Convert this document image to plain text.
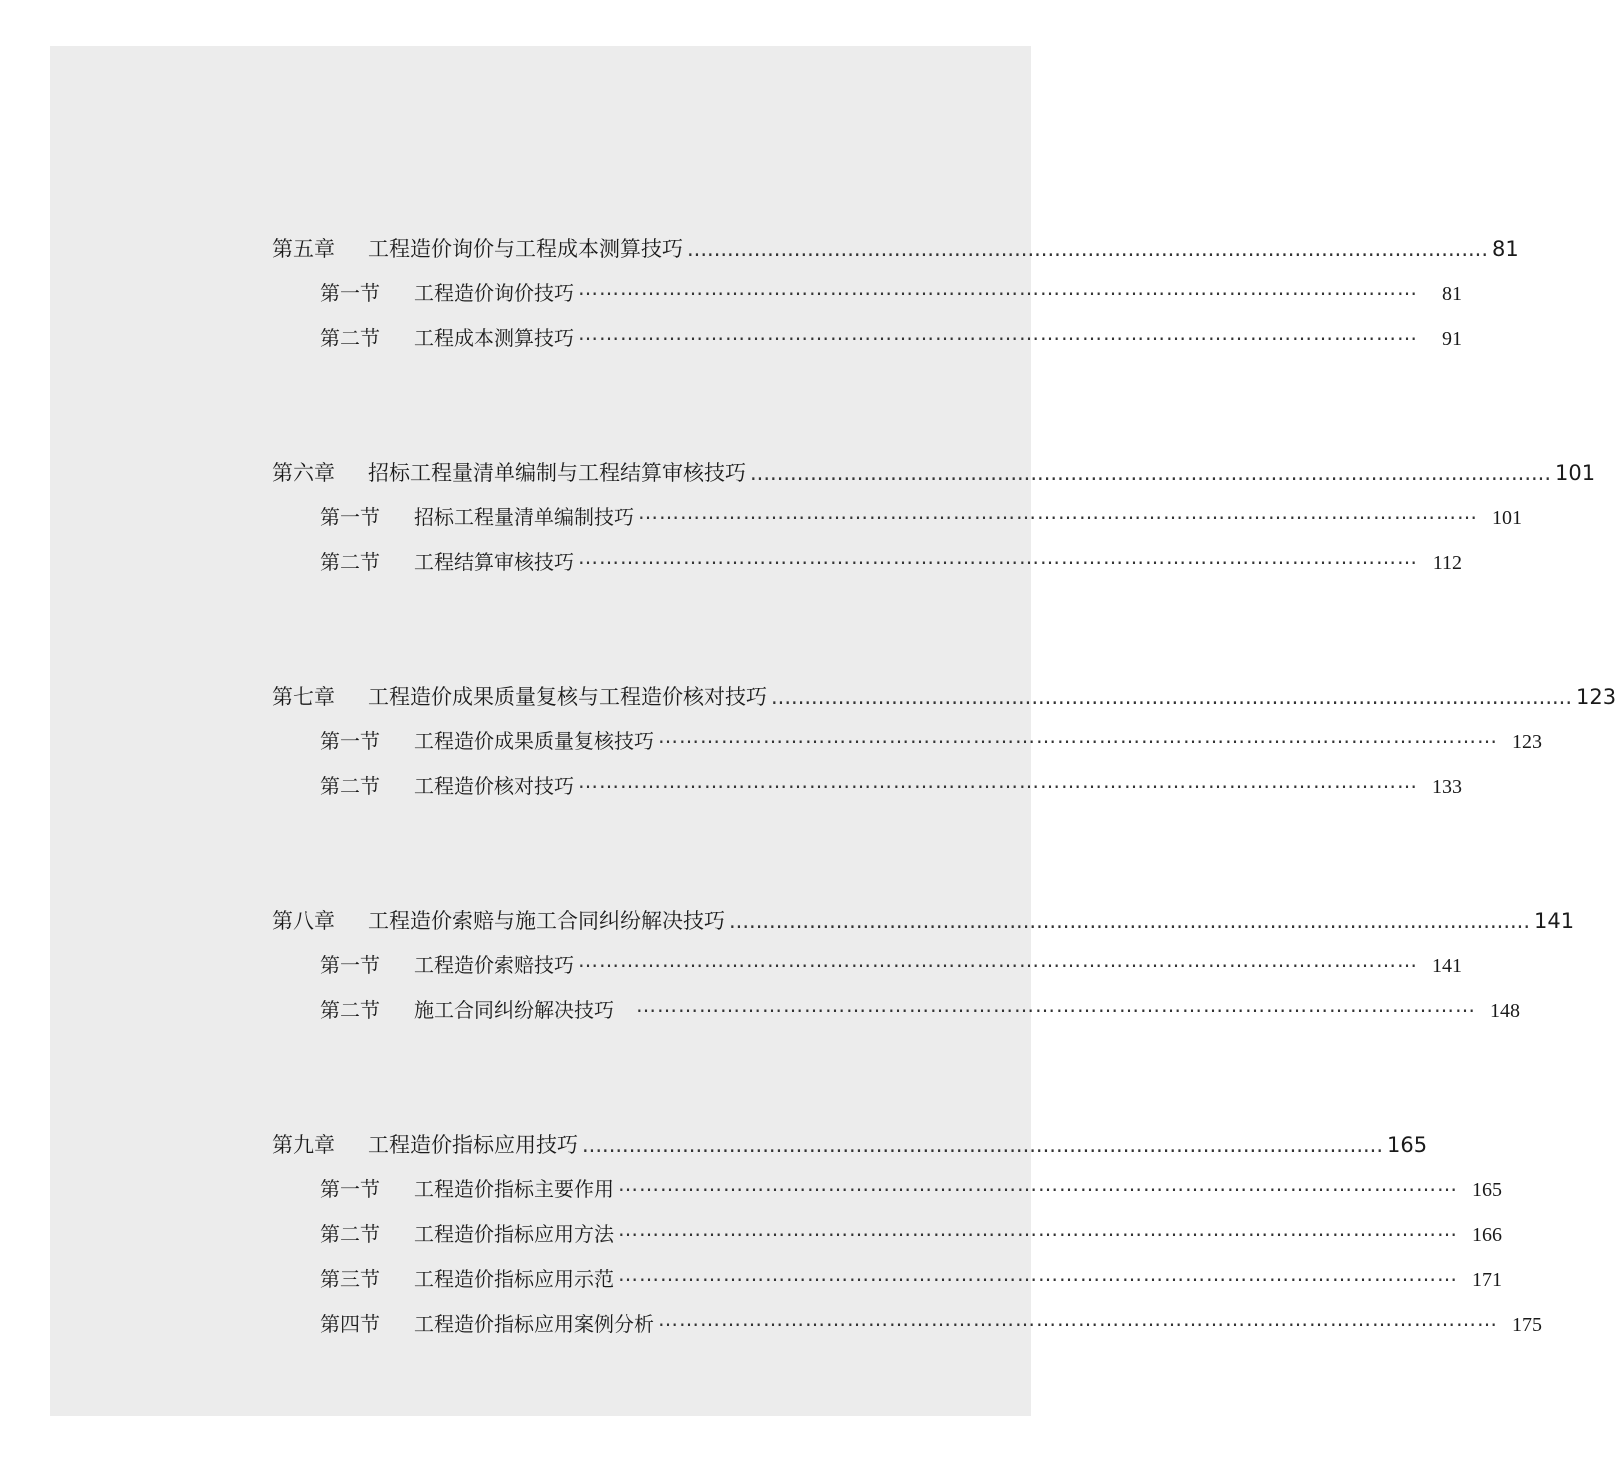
第五章	工程造价询价与工程成本测算技巧 ........................................................................................................................ 81
第一节	工程造价询价技巧 ⋯⋯⋯⋯⋯⋯⋯⋯⋯⋯⋯⋯⋯⋯⋯⋯⋯⋯⋯⋯⋯⋯⋯⋯⋯⋯⋯⋯⋯⋯⋯⋯⋯⋯⋯⋯⋯⋯⋯⋯	81
第二节	工程成本测算技巧 ⋯⋯⋯⋯⋯⋯⋯⋯⋯⋯⋯⋯⋯⋯⋯⋯⋯⋯⋯⋯⋯⋯⋯⋯⋯⋯⋯⋯⋯⋯⋯⋯⋯⋯⋯⋯⋯⋯⋯⋯	91
第六章	招标工程量清单编制与工程结算审核技巧 ........................................................................................................................ 101
第一节	招标工程量清单编制技巧 ⋯⋯⋯⋯⋯⋯⋯⋯⋯⋯⋯⋯⋯⋯⋯⋯⋯⋯⋯⋯⋯⋯⋯⋯⋯⋯⋯⋯⋯⋯⋯⋯⋯⋯⋯⋯⋯⋯⋯⋯ 101
第二节	工程结算审核技巧 ⋯⋯⋯⋯⋯⋯⋯⋯⋯⋯⋯⋯⋯⋯⋯⋯⋯⋯⋯⋯⋯⋯⋯⋯⋯⋯⋯⋯⋯⋯⋯⋯⋯⋯⋯⋯⋯⋯⋯⋯ 112
第七章	工程造价成果质量复核与工程造价核对技巧 ........................................................................................................................ 123
第一节	工程造价成果质量复核技巧 ⋯⋯⋯⋯⋯⋯⋯⋯⋯⋯⋯⋯⋯⋯⋯⋯⋯⋯⋯⋯⋯⋯⋯⋯⋯⋯⋯⋯⋯⋯⋯⋯⋯⋯⋯⋯⋯⋯⋯⋯ 123
第二节	工程造价核对技巧 ⋯⋯⋯⋯⋯⋯⋯⋯⋯⋯⋯⋯⋯⋯⋯⋯⋯⋯⋯⋯⋯⋯⋯⋯⋯⋯⋯⋯⋯⋯⋯⋯⋯⋯⋯⋯⋯⋯⋯⋯ 133
第八章	工程造价索赔与施工合同纠纷解决技巧 ........................................................................................................................ 141
第一节	工程造价索赔技巧 ⋯⋯⋯⋯⋯⋯⋯⋯⋯⋯⋯⋯⋯⋯⋯⋯⋯⋯⋯⋯⋯⋯⋯⋯⋯⋯⋯⋯⋯⋯⋯⋯⋯⋯⋯⋯⋯⋯⋯⋯ 141
第二节	施工合同纠纷解决技巧 ⋯⋯⋯⋯⋯⋯⋯⋯⋯⋯⋯⋯⋯⋯⋯⋯⋯⋯⋯⋯⋯⋯⋯⋯⋯⋯⋯⋯⋯⋯⋯⋯⋯⋯⋯⋯⋯⋯⋯⋯ 148
第九章	工程造价指标应用技巧 ........................................................................................................................ 165
第一节	工程造价指标主要作用 ⋯⋯⋯⋯⋯⋯⋯⋯⋯⋯⋯⋯⋯⋯⋯⋯⋯⋯⋯⋯⋯⋯⋯⋯⋯⋯⋯⋯⋯⋯⋯⋯⋯⋯⋯⋯⋯⋯⋯⋯ 165
第二节	工程造价指标应用方法 ⋯⋯⋯⋯⋯⋯⋯⋯⋯⋯⋯⋯⋯⋯⋯⋯⋯⋯⋯⋯⋯⋯⋯⋯⋯⋯⋯⋯⋯⋯⋯⋯⋯⋯⋯⋯⋯⋯⋯⋯ 166
第三节	工程造价指标应用示范 ⋯⋯⋯⋯⋯⋯⋯⋯⋯⋯⋯⋯⋯⋯⋯⋯⋯⋯⋯⋯⋯⋯⋯⋯⋯⋯⋯⋯⋯⋯⋯⋯⋯⋯⋯⋯⋯⋯⋯⋯ 171
第四节	工程造价指标应用案例分析 ⋯⋯⋯⋯⋯⋯⋯⋯⋯⋯⋯⋯⋯⋯⋯⋯⋯⋯⋯⋯⋯⋯⋯⋯⋯⋯⋯⋯⋯⋯⋯⋯⋯⋯⋯⋯⋯⋯⋯⋯ 175
